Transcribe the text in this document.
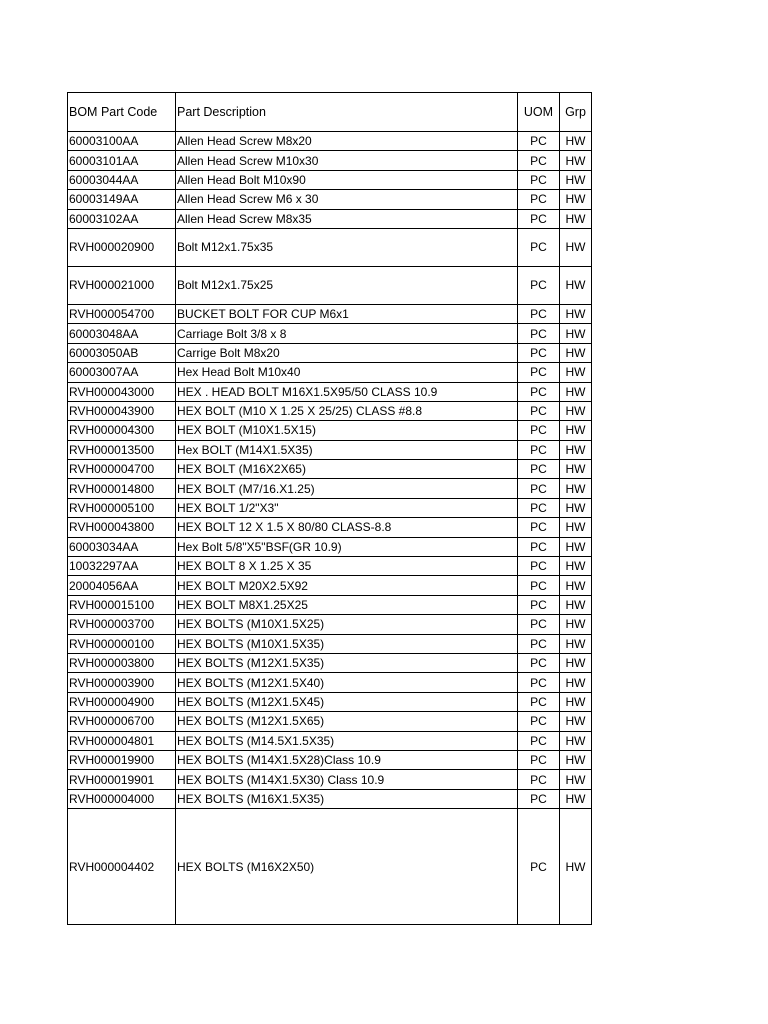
BOM Part Code	Part Description	UOM	Grp
60003100AA	Allen Head Screw M8x20	PC	HW
60003101AA	Allen Head Screw M10x30	PC	HW
60003044AA	Allen Head Bolt M10x90	PC	HW
60003149AA	Allen Head Screw M6 x 30	PC	HW
60003102AA	Allen Head Screw M8x35	PC	HW
RVH000020900	Bolt M12x1.75x35	PC	HW
RVH000021000	Bolt M12x1.75x25	PC	HW
RVH000054700	BUCKET BOLT FOR CUP M6x1	PC	HW
60003048AA	Carriage Bolt 3/8 x 8	PC	HW
60003050AB	Carrige Bolt M8x20	PC	HW
60003007AA	Hex Head Bolt M10x40	PC	HW
RVH000043000	HEX . HEAD BOLT M16X1.5X95/50 CLASS 10.9	PC	HW
RVH000043900	HEX BOLT (M10 X 1.25 X 25/25) CLASS #8.8	PC	HW
RVH000004300	HEX BOLT (M10X1.5X15)	PC	HW
RVH000013500	Hex BOLT (M14X1.5X35)	PC	HW
RVH000004700	HEX BOLT (M16X2X65)	PC	HW
RVH000014800	HEX BOLT (M7/16.X1.25)	PC	HW
RVH000005100	HEX BOLT 1/2"X3"	PC	HW
RVH000043800	HEX BOLT 12 X 1.5 X 80/80 CLASS-8.8	PC	HW
60003034AA	Hex Bolt 5/8"X5"BSF(GR 10.9)	PC	HW
10032297AA	HEX BOLT 8 X 1.25 X 35	PC	HW
20004056AA	HEX BOLT M20X2.5X92	PC	HW
RVH000015100	HEX BOLT M8X1.25X25	PC	HW
RVH000003700	HEX BOLTS (M10X1.5X25)	PC	HW
RVH000000100	HEX BOLTS (M10X1.5X35)	PC	HW
RVH000003800	HEX BOLTS (M12X1.5X35)	PC	HW
RVH000003900	HEX BOLTS (M12X1.5X40)	PC	HW
RVH000004900	HEX BOLTS (M12X1.5X45)	PC	HW
RVH000006700	HEX BOLTS (M12X1.5X65)	PC	HW
RVH000004801	HEX BOLTS (M14.5X1.5X35)	PC	HW
RVH000019900	HEX BOLTS (M14X1.5X28)Class 10.9	PC	HW
RVH000019901	HEX BOLTS (M14X1.5X30) Class 10.9	PC	HW
RVH000004000	HEX BOLTS (M16X1.5X35)	PC	HW
RVH000004402	HEX BOLTS (M16X2X50)	PC	HW
